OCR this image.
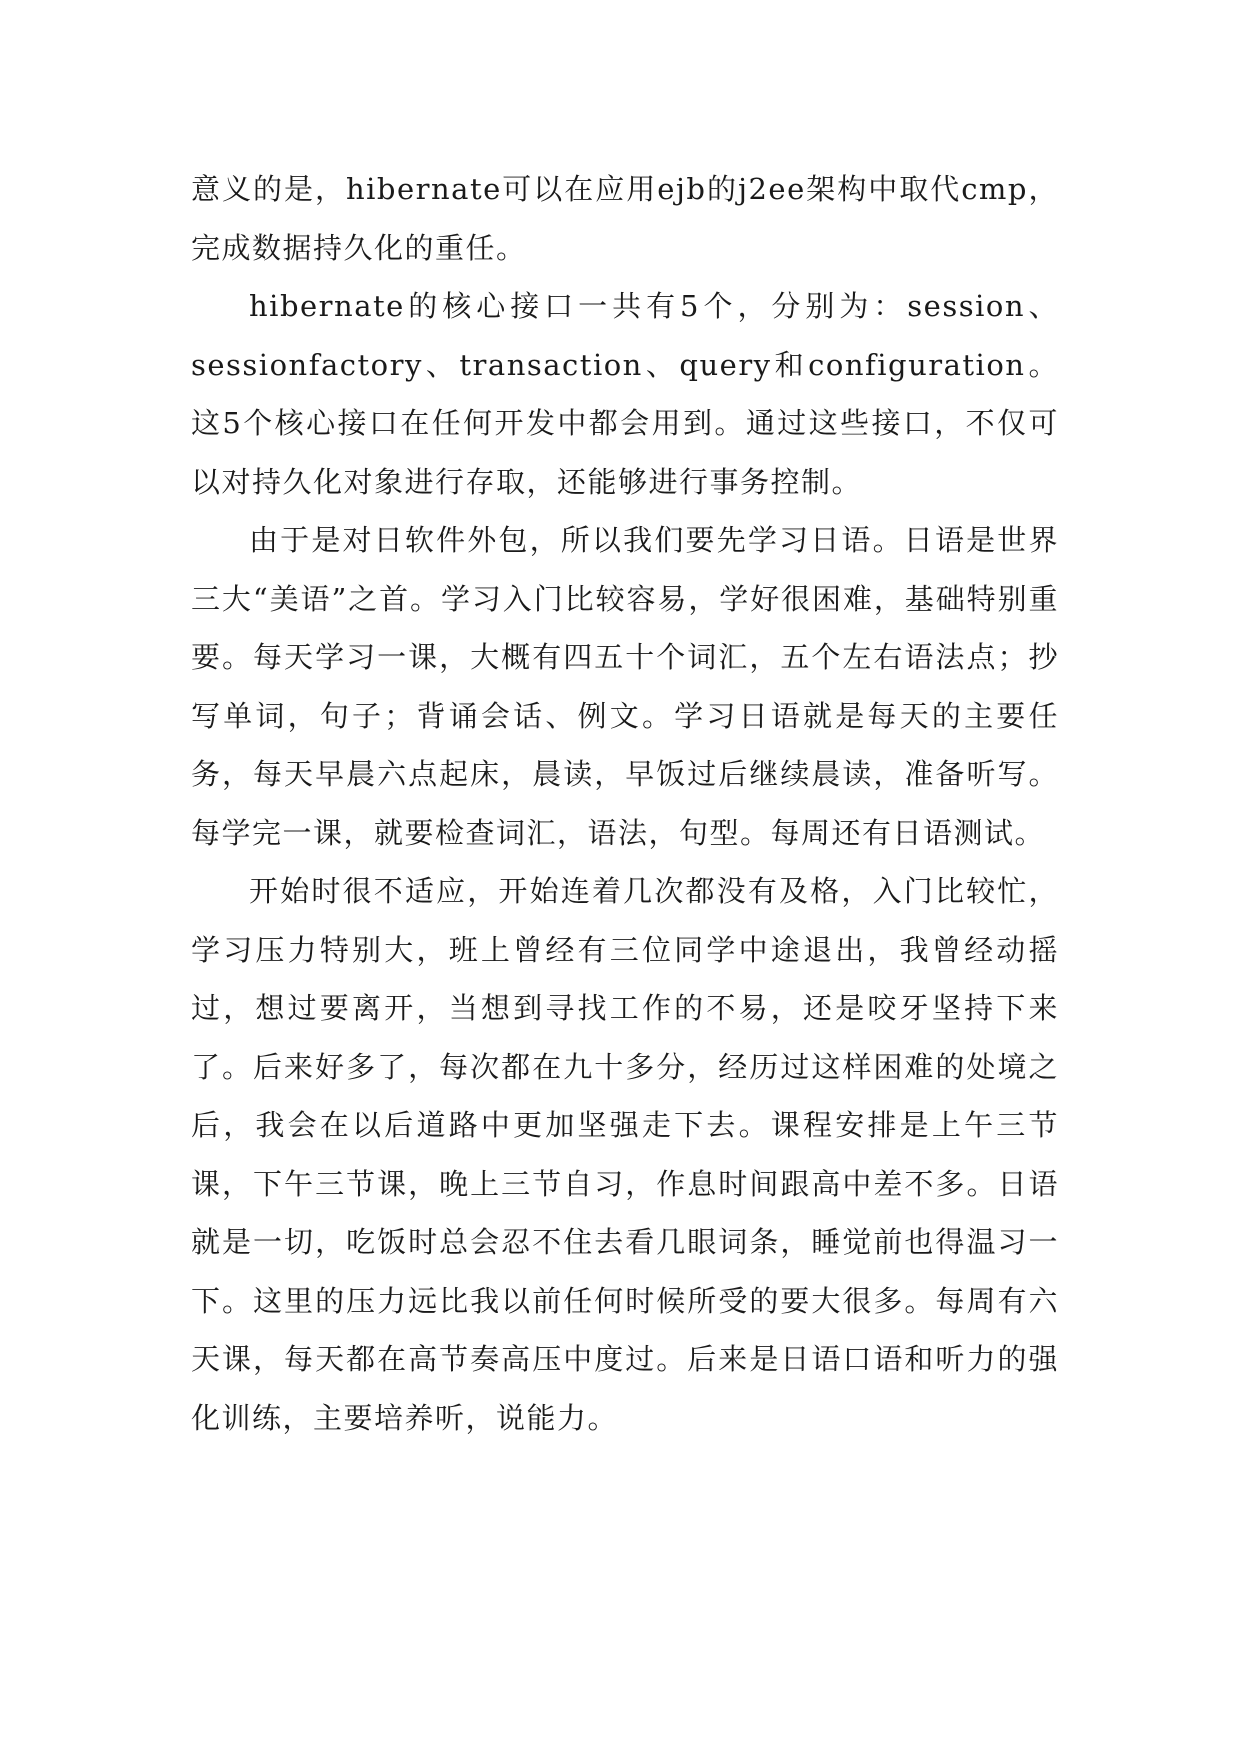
意义的是，hibernate可以在应用ejb的j2ee架构中取代cmp，完成数据持久化的重任。

hibernate的核心接口一共有5个，分别为：session、sessionfactory、transaction、query和configuration。这5个核心接口在任何开发中都会用到。通过这些接口，不仅可以对持久化对象进行存取，还能够进行事务控制。

由于是对日软件外包，所以我们要先学习日语。日语是世界三大“美语”之首。学习入门比较容易，学好很困难，基础特别重要。每天学习一课，大概有四五十个词汇，五个左右语法点；抄写单词，句子；背诵会话、例文。学习日语就是每天的主要任务，每天早晨六点起床，晨读，早饭过后继续晨读，准备听写。每学完一课，就要检查词汇，语法，句型。每周还有日语测试。

开始时很不适应，开始连着几次都没有及格，入门比较忙，学习压力特别大，班上曾经有三位同学中途退出，我曾经动摇过，想过要离开，当想到寻找工作的不易，还是咬牙坚持下来了。后来好多了，每次都在九十多分，经历过这样困难的处境之后，我会在以后道路中更加坚强走下去。课程安排是上午三节课，下午三节课，晚上三节自习，作息时间跟高中差不多。日语就是一切，吃饭时总会忍不住去看几眼词条，睡觉前也得温习一下。这里的压力远比我以前任何时候所受的要大很多。每周有六天课，每天都在高节奏高压中度过。后来是日语口语和听力的强化训练，主要培养听，说能力。
